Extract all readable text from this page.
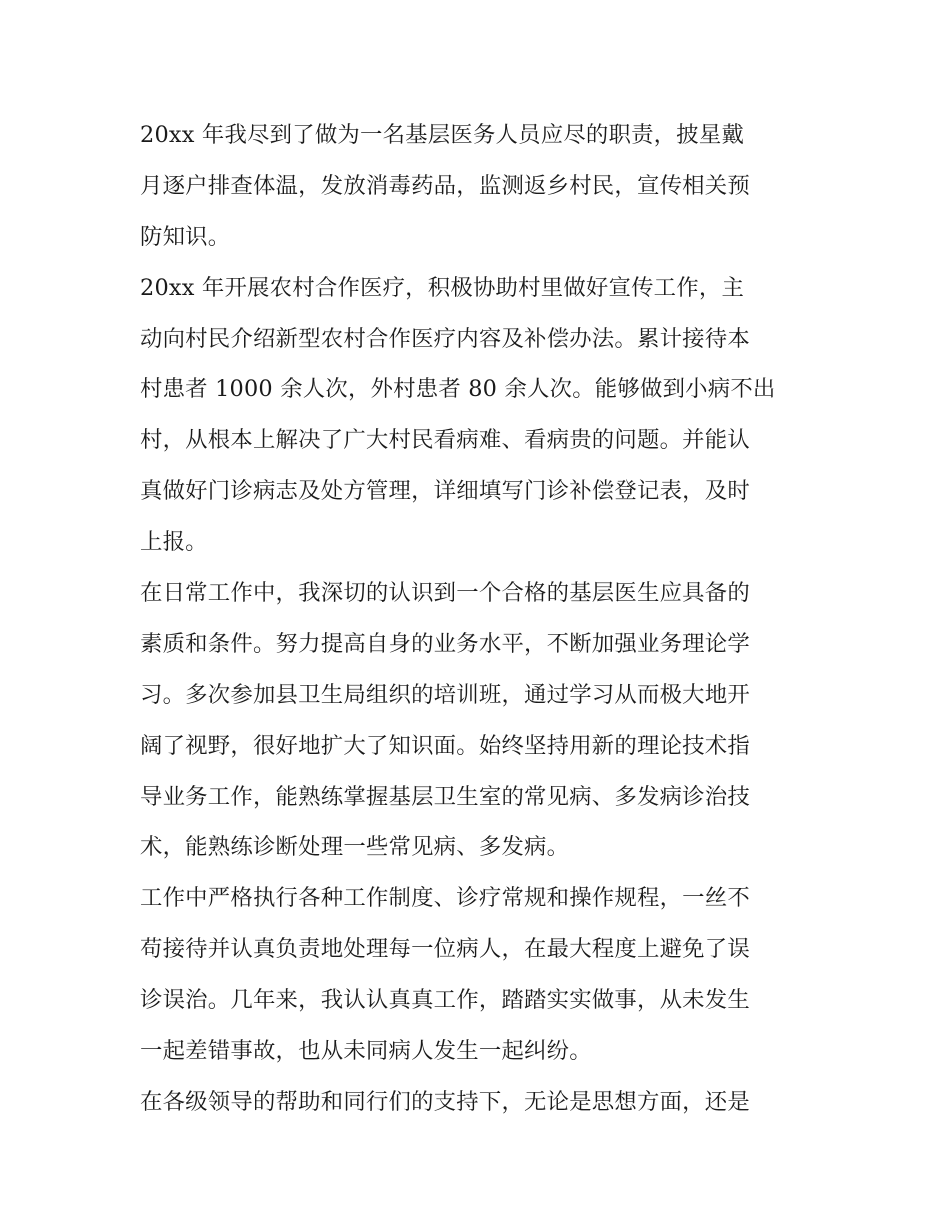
20xx 年我尽到了做为一名基层医务人员应尽的职责，披星戴
月逐户排查体温，发放消毒药品，监测返乡村民，宣传相关预
防知识。
20xx 年开展农村合作医疗，积极协助村里做好宣传工作，主
动向村民介绍新型农村合作医疗内容及补偿办法。累计接待本
村患者 1000 余人次，外村患者 80 余人次。能够做到小病不出
村，从根本上解决了广大村民看病难、看病贵的问题。并能认
真做好门诊病志及处方管理，详细填写门诊补偿登记表，及时
上报。
在日常工作中，我深切的认识到一个合格的基层医生应具备的
素质和条件。努力提高自身的业务水平，不断加强业务理论学
习。多次参加县卫生局组织的培训班，通过学习从而极大地开
阔了视野，很好地扩大了知识面。始终坚持用新的理论技术指
导业务工作，能熟练掌握基层卫生室的常见病、多发病诊治技
术，能熟练诊断处理一些常见病、多发病。
工作中严格执行各种工作制度、诊疗常规和操作规程，一丝不
苟接待并认真负责地处理每一位病人，在最大程度上避免了误
诊误治。几年来，我认认真真工作，踏踏实实做事，从未发生
一起差错事故，也从未同病人发生一起纠纷。
在各级领导的帮助和同行们的支持下，无论是思想方面，还是
